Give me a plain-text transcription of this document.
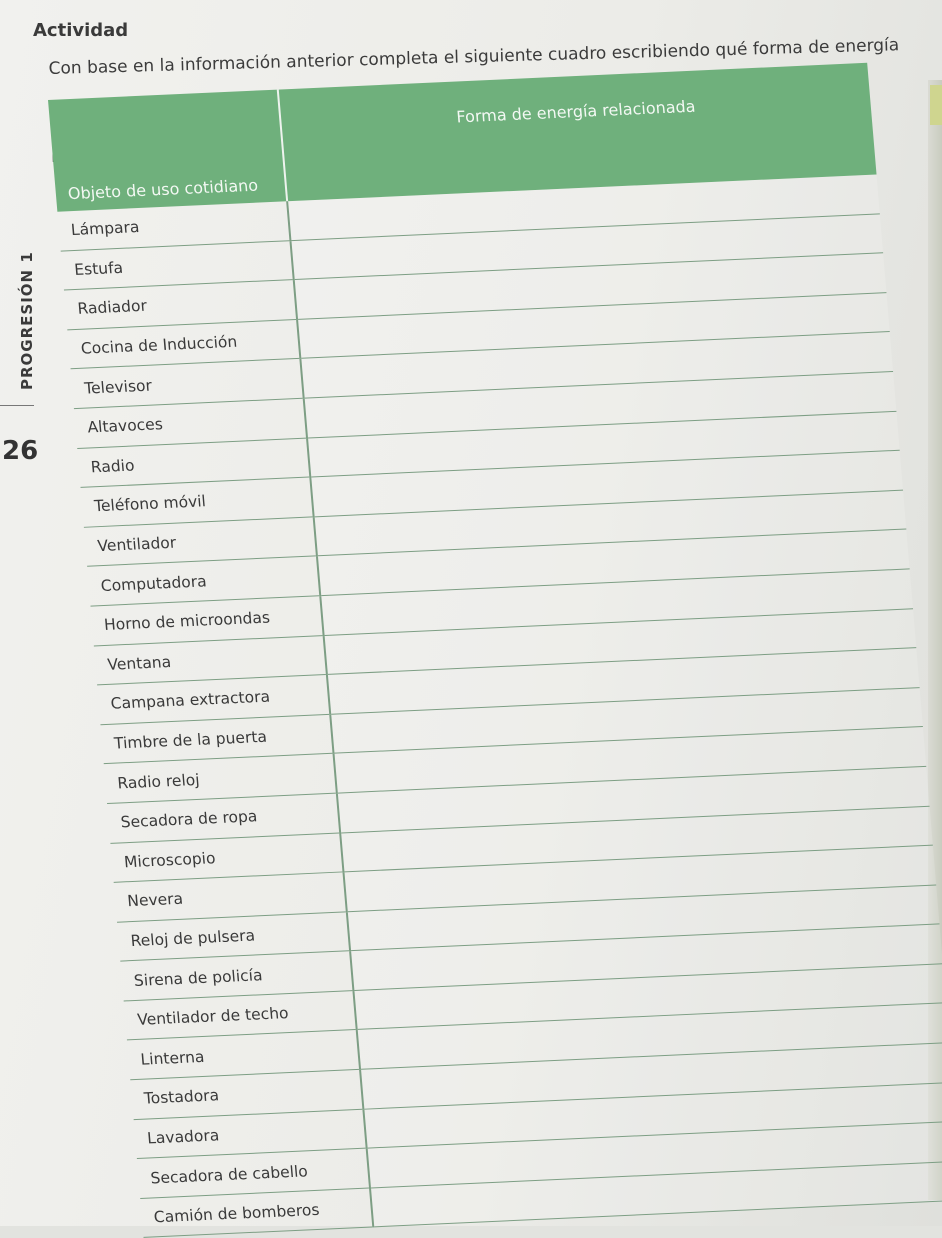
Actividad
Con base en la información anterior completa el siguiente cuadro escribiendo qué forma de energía
PROGRESIÓN 1
26
Objeto de uso cotidiano	Forma de energía relacionada
Lámpara	
Estufa	
Radiador	
Cocina de Inducción	
Televisor	
Altavoces	
Radio	
Teléfono móvil	
Ventilador	
Computadora	
Horno de microondas	
Ventana	
Campana extractora	
Timbre de la puerta	
Radio reloj	
Secadora de ropa	
Microscopio	
Nevera	
Reloj de pulsera	
Sirena de policía	
Ventilador de techo	
Linterna	
Tostadora	
Lavadora	
Secadora de cabello	
Camión de bomberos	
